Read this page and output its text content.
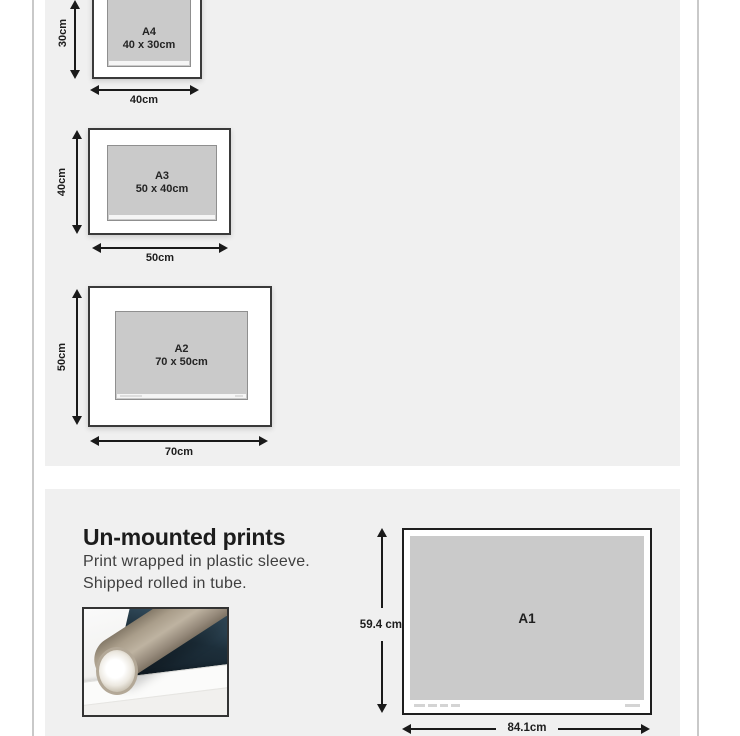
A4
40 x 30cm
30cm
40cm
A3
50 x 40cm
40cm
50cm
A2
70 x 50cm
50cm
70cm
Un-mounted prints
Print wrapped in plastic sleeve.
Shipped rolled in tube.
59.4 cm	A1
84.1cm
